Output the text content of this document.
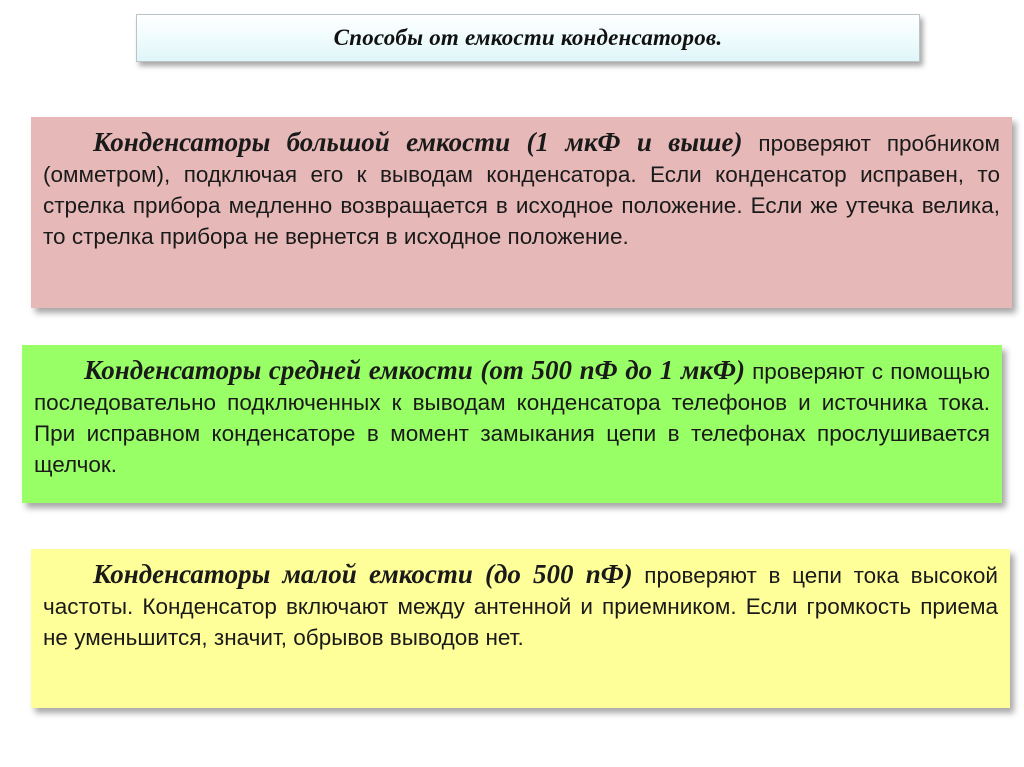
Способы от емкости конденсаторов.
Конденсаторы большой емкости (1 мкФ и выше) проверяют пробником (омметром), подключая его к выводам конденсатора. Если конденсатор исправен, то стрелка прибора медленно возвращается в исходное положение. Если же утечка велика, то стрелка прибора не вернется в исходное положение.
Конденсаторы средней емкости (от 500 пФ до 1 мкФ) проверяют с помощью последовательно подключенных к выводам конденсатора телефонов и источника тока. При исправном конденсаторе в момент замыкания цепи в телефонах прослушивается щелчок.
Конденсаторы малой емкости (до 500 пФ) проверяют в цепи тока высокой частоты. Конденсатор включают между антенной и приемником. Если громкость приема не уменьшится, значит, обрывов выводов нет.
